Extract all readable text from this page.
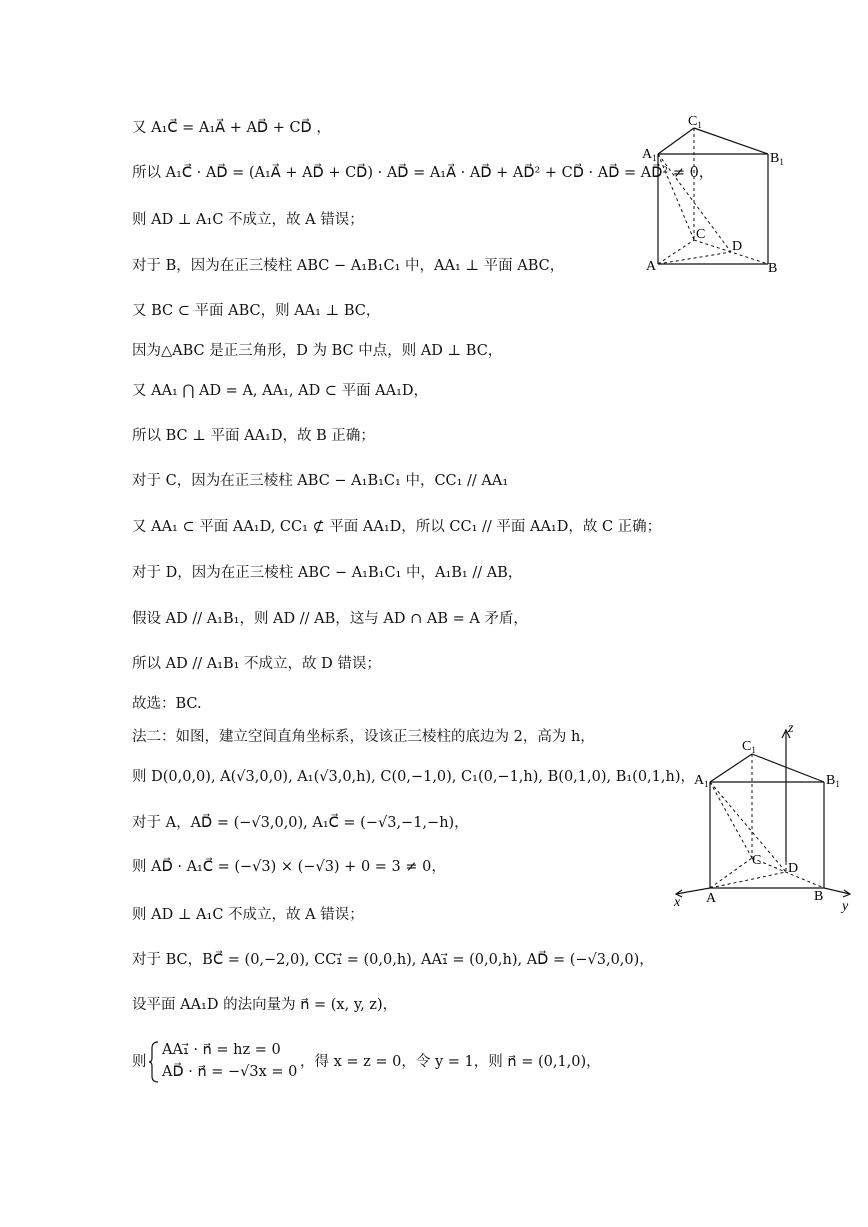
又 A₁C⃗ = A₁A⃗ + AD⃗ + CD⃗ ，
所以 A₁C⃗ · AD⃗ = (A₁A⃗ + AD⃗ + CD⃗) · AD⃗ = A₁A⃗ · AD⃗ + AD⃗² + CD⃗ · AD⃗ = AD⃗² ≠ 0，
则 AD ⊥ A₁C 不成立，故 A 错误；
对于 B，因为在正三棱柱 ABC − A₁B₁C₁ 中，AA₁ ⊥ 平面 ABC，
又 BC ⊂ 平面 ABC，则 AA₁ ⊥ BC，
因为△ABC 是正三角形，D 为 BC 中点，则 AD ⊥ BC，
又 AA₁ ⋂ AD = A, AA₁, AD ⊂ 平面 AA₁D，
所以 BC ⊥ 平面 AA₁D，故 B 正确；
对于 C，因为在正三棱柱 ABC − A₁B₁C₁ 中，CC₁ // AA₁
又 AA₁ ⊂ 平面 AA₁D, CC₁ ⊄ 平面 AA₁D，所以 CC₁ // 平面 AA₁D，故 C 正确；
对于 D，因为在正三棱柱 ABC − A₁B₁C₁ 中，A₁B₁ // AB，
假设 AD // A₁B₁，则 AD // AB，这与 AD ∩ AB = A 矛盾，
所以 AD // A₁B₁ 不成立，故 D 错误；
故选：BC.
法二：如图，建立空间直角坐标系，设该正三棱柱的底边为 2，高为 h，
则 D(0,0,0), A(√3,0,0), A₁(√3,0,h), C(0,−1,0), C₁(0,−1,h), B(0,1,0), B₁(0,1,h)，
对于 A，AD⃗ = (−√3,0,0), A₁C⃗ = (−√3,−1,−h)，
则 AD⃗ · A₁C⃗ = (−√3) × (−√3) + 0 = 3 ≠ 0，
则 AD ⊥ A₁C 不成立，故 A 错误；
对于 BC，BC⃗ = (0,−2,0), CC₁⃗ = (0,0,h), AA₁⃗ = (0,0,h), AD⃗ = (−√3,0,0)，
设平面 AA₁D 的法向量为 n⃗ = (x, y, z)，
则
AA₁⃗ · n⃗ = hz = 0
AD⃗ · n⃗ = −√3x = 0
，得 x = z = 0，令 y = 1，则 n⃗ = (0,1,0)，
$C_1$
$A_1$	$B_1$
C
D
A	B
z
$C_1$
$A_1$	$B_1$
C
D
A	B
x	y
